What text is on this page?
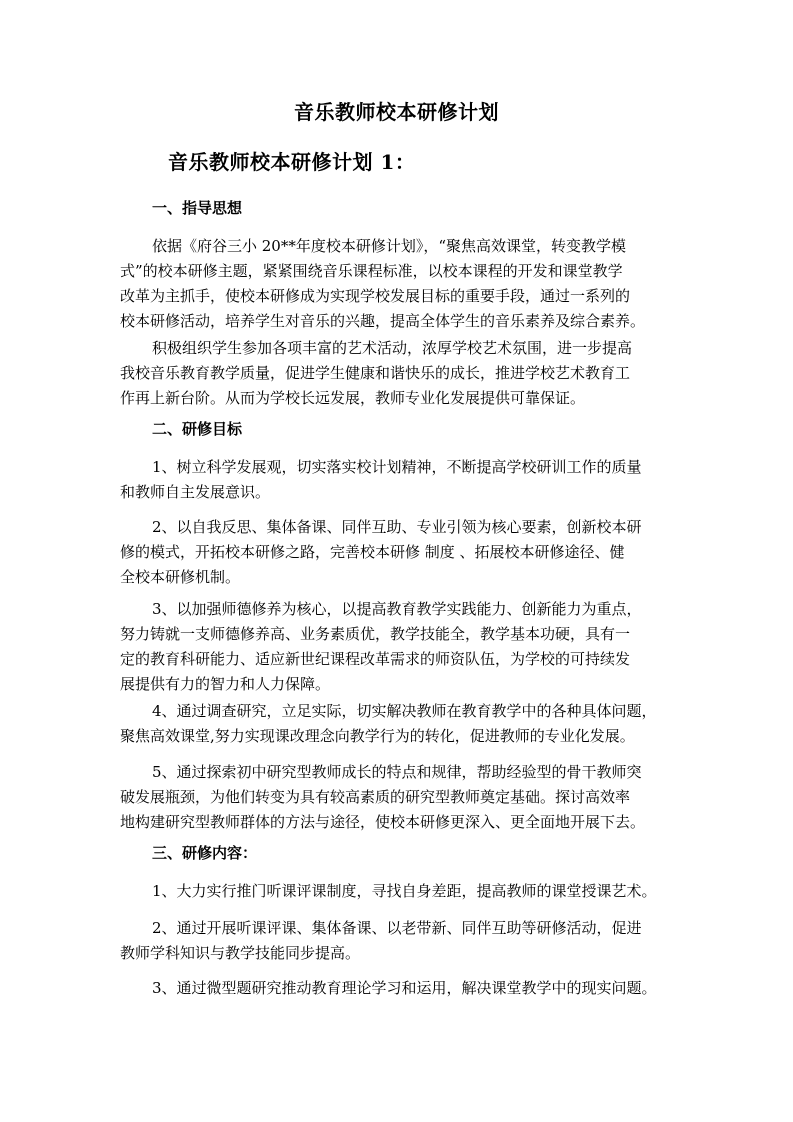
音乐教师校本研修计划
音乐教师校本研修计划 1：
一、指导思想
依据《府谷三小 20**年度校本研修计划》，“聚焦高效课堂，转变教学模
式”的校本研修主题，紧紧围绕音乐课程标准，以校本课程的开发和课堂教学
改革为主抓手，使校本研修成为实现学校发展目标的重要手段，通过一系列的
校本研修活动，培养学生对音乐的兴趣，提高全体学生的音乐素养及综合素养。
积极组织学生参加各项丰富的艺术活动，浓厚学校艺术氛围，进一步提高
我校音乐教育教学质量，促进学生健康和谐快乐的成长，推进学校艺术教育工
作再上新台阶。从而为学校长远发展，教师专业化发展提供可靠保证。
二、研修目标
1、树立科学发展观，切实落实校计划精神，不断提高学校研训工作的质量
和教师自主发展意识。
2、以自我反思、集体备课、同伴互助、专业引领为核心要素，创新校本研
修的模式，开拓校本研修之路，完善校本研修 制度 、拓展校本研修途径、健
全校本研修机制。
3、以加强师德修养为核心，以提高教育教学实践能力、创新能力为重点，
努力铸就一支师德修养高、业务素质优，教学技能全，教学基本功硬，具有一
定的教育科研能力、适应新世纪课程改革需求的师资队伍，为学校的可持续发
展提供有力的智力和人力保障。
4、通过调查研究，立足实际，切实解决教师在教育教学中的各种具体问题，
聚焦高效课堂,努力实现课改理念向教学行为的转化，促进教师的专业化发展。
5、通过探索初中研究型教师成长的特点和规律，帮助经验型的骨干教师突
破发展瓶颈，为他们转变为具有较高素质的研究型教师奠定基础。探讨高效率
地构建研究型教师群体的方法与途径，使校本研修更深入、更全面地开展下去。
三、研修内容：
1、大力实行推门听课评课制度，寻找自身差距，提高教师的课堂授课艺术。
2、通过开展听课评课、集体备课、以老带新、同伴互助等研修活动，促进
教师学科知识与教学技能同步提高。
3、通过微型题研究推动教育理论学习和运用，解决课堂教学中的现实问题。
